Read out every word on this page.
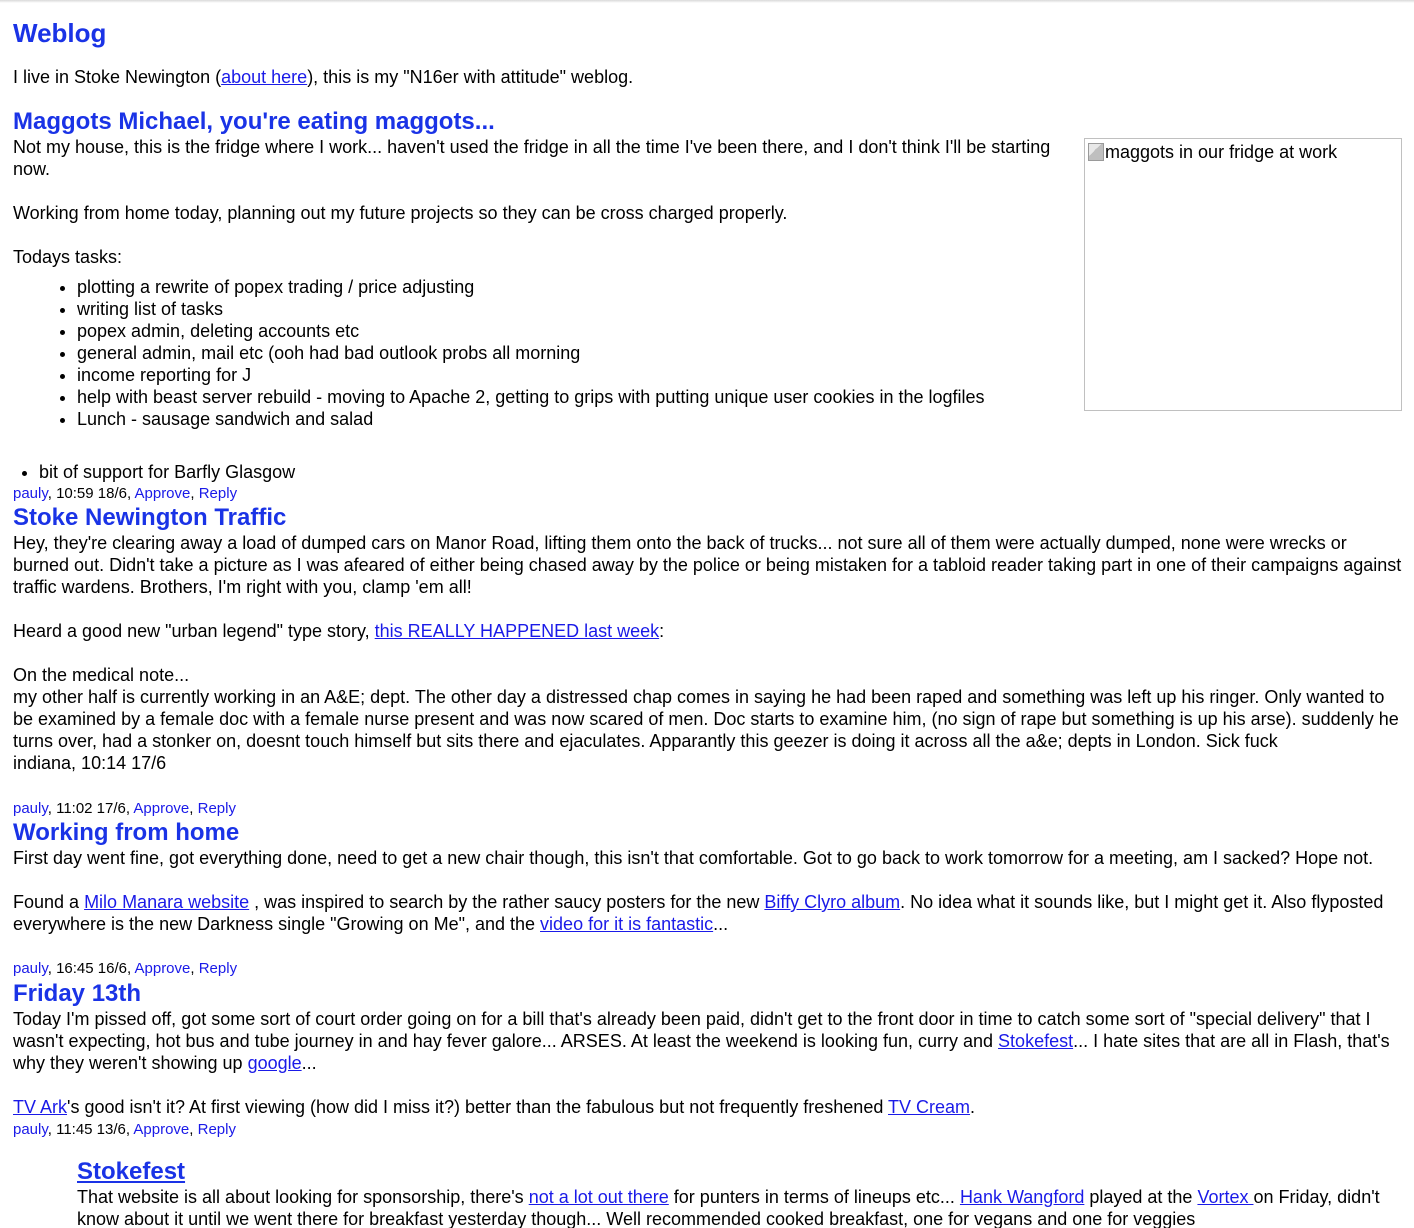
Weblog
I live in Stoke Newington (about here), this is my "N16er with attitude" weblog.
Maggots Michael, you're eating maggots...
maggots in our fridge at work
Not my house, this is the fridge where I work... haven't used the fridge in all the time I've been there, and I don't think I'll be starting now.
Working from home today, planning out my future projects so they can be cross charged properly.
Todays tasks:
• plotting a rewrite of popex trading / price adjusting
• writing list of tasks
• popex admin, deleting accounts etc
• general admin, mail etc (ooh had bad outlook probs all morning
• income reporting for J
• help with beast server rebuild - moving to Apache 2, getting to grips with putting unique user cookies in the logfiles
• Lunch - sausage sandwich and salad
• bit of support for Barfly Glasgow
pauly, 10:59 18/6, Approve, Reply
Stoke Newington Traffic
Hey, they're clearing away a load of dumped cars on Manor Road, lifting them onto the back of trucks... not sure all of them were actually dumped, none were wrecks or burned out. Didn't take a picture as I was afeared of either being chased away by the police or being mistaken for a tabloid reader taking part in one of their campaigns against traffic wardens. Brothers, I'm right with you, clamp 'em all!
Heard a good new "urban legend" type story, this REALLY HAPPENED last week:
On the medical note...
my other half is currently working in an A&E; dept. The other day a distressed chap comes in saying he had been raped and something was left up his ringer. Only wanted to be examined by a female doc with a female nurse present and was now scared of men. Doc starts to examine him, (no sign of rape but something is up his arse). suddenly he turns over, had a stonker on, doesnt touch himself but sits there and ejaculates. Apparantly this geezer is doing it across all the a&e; depts in London. Sick fuck
indiana, 10:14 17/6
pauly, 11:02 17/6, Approve, Reply
Working from home
First day went fine, got everything done, need to get a new chair though, this isn't that comfortable. Got to go back to work tomorrow for a meeting, am I sacked? Hope not.
Found a Milo Manara website , was inspired to search by the rather saucy posters for the new Biffy Clyro album. No idea what it sounds like, but I might get it. Also flyposted everywhere is the new Darkness single "Growing on Me", and the video for it is fantastic...
pauly, 16:45 16/6, Approve, Reply
Friday 13th
Today I'm pissed off, got some sort of court order going on for a bill that's already been paid, didn't get to the front door in time to catch some sort of "special delivery" that I wasn't expecting, hot bus and tube journey in and hay fever galore... ARSES. At least the weekend is looking fun, curry and Stokefest... I hate sites that are all in Flash, that's why they weren't showing up google...
TV Ark's good isn't it? At first viewing (how did I miss it?) better than the fabulous but not frequently freshened TV Cream.
pauly, 11:45 13/6, Approve, Reply
Stokefest
That website is all about looking for sponsorship, there's not a lot out there for punters in terms of lineups etc... Hank Wangford played at the Vortex on Friday, didn't know about it until we went there for breakfast yesterday though... Well recommended cooked breakfast, one for vegans and one for veggies
